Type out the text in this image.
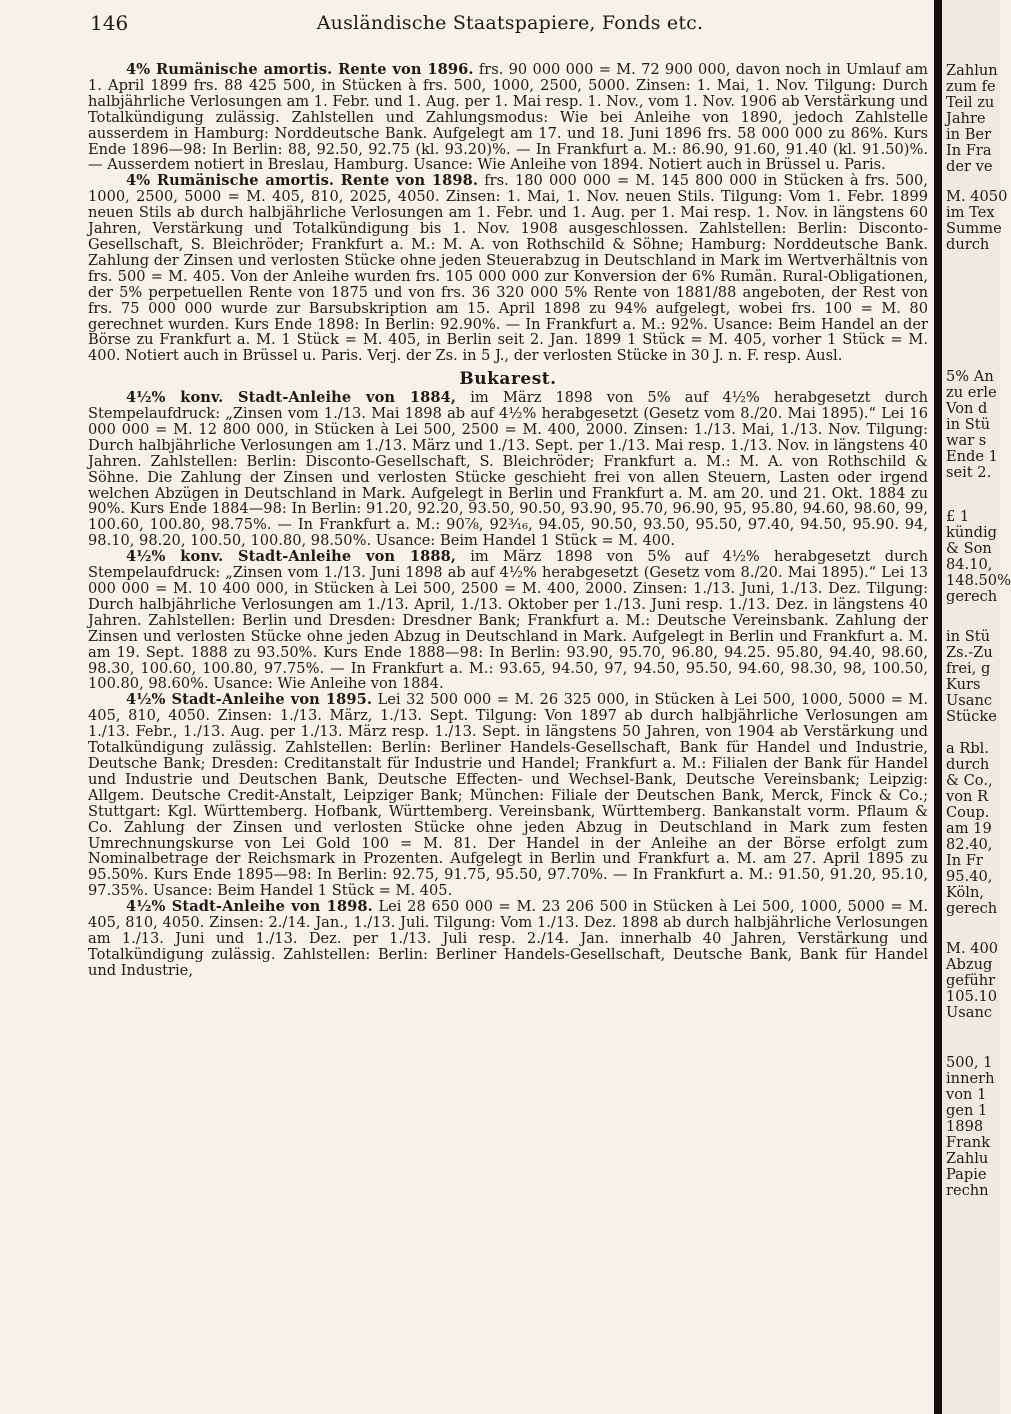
146	Ausländische Staatspapiere, Fonds etc.

4% Rumänische amortis. Rente von 1896. frs. 90 000 000 = M. 72 900 000, davon noch in Umlauf am 1. April 1899 frs. 88 425 500, in Stücken à frs. 500, 1000, 2500, 5000. Zinsen: 1. Mai, 1. Nov. Tilgung: Durch halbjährliche Verlosungen am 1. Febr. und 1. Aug. per 1. Mai resp. 1. Nov., vom 1. Nov. 1906 ab Verstärkung und Totalkündigung zulässig. Zahlstellen und Zahlungsmodus: Wie bei Anleihe von 1890, jedoch Zahlstelle ausserdem in Hamburg: Norddeutsche Bank. Aufgelegt am 17. und 18. Juni 1896 frs. 58 000 000 zu 86%. Kurs Ende 1896—98: In Berlin: 88, 92.50, 92.75 (kl. 93.20)%. — In Frankfurt a. M.: 86.90, 91.60, 91.40 (kl. 91.50)%. — Ausserdem notiert in Breslau, Hamburg. Usance: Wie Anleihe von 1894. Notiert auch in Brüssel u. Paris.

4% Rumänische amortis. Rente von 1898. frs. 180 000 000 = M. 145 800 000 in Stücken à frs. 500, 1000, 2500, 5000 = M. 405, 810, 2025, 4050. Zinsen: 1. Mai, 1. Nov. neuen Stils. Tilgung: Vom 1. Febr. 1899 neuen Stils ab durch halbjährliche Verlosungen am 1. Febr. und 1. Aug. per 1. Mai resp. 1. Nov. in längstens 60 Jahren, Verstärkung und Totalkündigung bis 1. Nov. 1908 ausgeschlossen. Zahlstellen: Berlin: Disconto-Gesellschaft, S. Bleichröder; Frankfurt a. M.: M. A. von Rothschild & Söhne; Hamburg: Norddeutsche Bank. Zahlung der Zinsen und verlosten Stücke ohne jeden Steuerabzug in Deutschland in Mark im Wertverhältnis von frs. 500 = M. 405. Von der Anleihe wurden frs. 105 000 000 zur Konversion der 6% Rumän. Rural-Obligationen, der 5% perpetuellen Rente von 1875 und von frs. 36 320 000 5% Rente von 1881/88 angeboten, der Rest von frs. 75 000 000 wurde zur Barsubskription am 15. April 1898 zu 94% aufgelegt, wobei frs. 100 = M. 80 gerechnet wurden. Kurs Ende 1898: In Berlin: 92.90%. — In Frankfurt a. M.: 92%. Usance: Beim Handel an der Börse zu Frankfurt a. M. 1 Stück = M. 405, in Berlin seit 2. Jan. 1899 1 Stück = M. 405, vorher 1 Stück = M. 400. Notiert auch in Brüssel u. Paris. Verj. der Zs. in 5 J., der verlosten Stücke in 30 J. n. F. resp. Ausl.

Bukarest.

4½% konv. Stadt-Anleihe von 1884, im März 1898 von 5% auf 4½% herabgesetzt durch Stempelaufdruck: „Zinsen vom 1./13. Mai 1898 ab auf 4½% herabgesetzt (Gesetz vom 8./20. Mai 1895).“ Lei 16 000 000 = M. 12 800 000, in Stücken à Lei 500, 2500 = M. 400, 2000. Zinsen: 1./13. Mai, 1./13. Nov. Tilgung: Durch halbjährliche Verlosungen am 1./13. März und 1./13. Sept. per 1./13. Mai resp. 1./13. Nov. in längstens 40 Jahren. Zahlstellen: Berlin: Disconto-Gesellschaft, S. Bleichröder; Frankfurt a. M.: M. A. von Rothschild & Söhne. Die Zahlung der Zinsen und verlosten Stücke geschieht frei von allen Steuern, Lasten oder irgend welchen Abzügen in Deutschland in Mark. Aufgelegt in Berlin und Frankfurt a. M. am 20. und 21. Okt. 1884 zu 90%. Kurs Ende 1884—98: In Berlin: 91.20, 92.20, 93.50, 90.50, 93.90, 95.70, 96.90, 95, 95.80, 94.60, 98.60, 99, 100.60, 100.80, 98.75%. — In Frankfurt a. M.: 90⅞, 92³⁄₁₆, 94.05, 90.50, 93.50, 95.50, 97.40, 94.50, 95.90. 94, 98.10, 98.20, 100.50, 100.80, 98.50%. Usance: Beim Handel 1 Stück = M. 400.

4½% konv. Stadt-Anleihe von 1888, im März 1898 von 5% auf 4½% herabgesetzt durch Stempelaufdruck: „Zinsen vom 1./13. Juni 1898 ab auf 4½% herabgesetzt (Gesetz vom 8./20. Mai 1895).“ Lei 13 000 000 = M. 10 400 000, in Stücken à Lei 500, 2500 = M. 400, 2000. Zinsen: 1./13. Juni, 1./13. Dez. Tilgung: Durch halbjährliche Verlosungen am 1./13. April, 1./13. Oktober per 1./13. Juni resp. 1./13. Dez. in längstens 40 Jahren. Zahlstellen: Berlin und Dresden: Dresdner Bank; Frankfurt a. M.: Deutsche Vereinsbank. Zahlung der Zinsen und verlosten Stücke ohne jeden Abzug in Deutschland in Mark. Aufgelegt in Berlin und Frankfurt a. M. am 19. Sept. 1888 zu 93.50%. Kurs Ende 1888—98: In Berlin: 93.90, 95.70, 96.80, 94.25. 95.80, 94.40, 98.60, 98.30, 100.60, 100.80, 97.75%. — In Frankfurt a. M.: 93.65, 94.50, 97, 94.50, 95.50, 94.60, 98.30, 98, 100.50, 100.80, 98.60%. Usance: Wie Anleihe von 1884.

4½% Stadt-Anleihe von 1895. Lei 32 500 000 = M. 26 325 000, in Stücken à Lei 500, 1000, 5000 = M. 405, 810, 4050. Zinsen: 1./13. März, 1./13. Sept. Tilgung: Von 1897 ab durch halbjährliche Verlosungen am 1./13. Febr., 1./13. Aug. per 1./13. März resp. 1./13. Sept. in längstens 50 Jahren, von 1904 ab Verstärkung und Totalkündigung zulässig. Zahlstellen: Berlin: Berliner Handels-Gesellschaft, Bank für Handel und Industrie, Deutsche Bank; Dresden: Creditanstalt für Industrie und Handel; Frankfurt a. M.: Filialen der Bank für Handel und Industrie und Deutschen Bank, Deutsche Effecten- und Wechsel-Bank, Deutsche Vereinsbank; Leipzig: Allgem. Deutsche Credit-Anstalt, Leipziger Bank; München: Filiale der Deutschen Bank, Merck, Finck & Co.; Stuttgart: Kgl. Württemberg. Hofbank, Württemberg. Vereinsbank, Württemberg. Bankanstalt vorm. Pflaum & Co. Zahlung der Zinsen und verlosten Stücke ohne jeden Abzug in Deutschland in Mark zum festen Umrechnungskurse von Lei Gold 100 = M. 81. Der Handel in der Anleihe an der Börse erfolgt zum Nominalbetrage der Reichsmark in Prozenten. Aufgelegt in Berlin und Frankfurt a. M. am 27. April 1895 zu 95.50%. Kurs Ende 1895—98: In Berlin: 92.75, 91.75, 95.50, 97.70%. — In Frankfurt a. M.: 91.50, 91.20, 95.10, 97.35%. Usance: Beim Handel 1 Stück = M. 405.

4½% Stadt-Anleihe von 1898. Lei 28 650 000 = M. 23 206 500 in Stücken à Lei 500, 1000, 5000 = M. 405, 810, 4050. Zinsen: 2./14. Jan., 1./13. Juli. Tilgung: Vom 1./13. Dez. 1898 ab durch halbjährliche Verlosungen am 1./13. Juni und 1./13. Dez. per 1./13. Juli resp. 2./14. Jan. innerhalb 40 Jahren, Verstärkung und Totalkündigung zulässig. Zahlstellen: Berlin: Berliner Handels-Gesellschaft, Deutsche Bank, Bank für Handel und Industrie,

Zahlun
zum fe
Teil zu
Jahre
in Ber
In Fra
der ve
M. 4050
im Tex
Summe
durch
5% An
zu erle
Von d
in Stü
war s
Ende 1
seit 2.
£ 1
kündig
& Son
84.10,
148.50%
gerech
in Stü
Zs.-Zu
frei, g
Kurs
Usanc
Stücke
a Rbl.
durch
& Co.,
von R
Coup.
am 19
82.40,
In Fr
95.40,
Köln,
gerech
M. 400
Abzug
geführ
105.10
Usanc
500, 1
innerh
von 1
gen 1
1898
Frank
Zahlu
Papie
rechn
